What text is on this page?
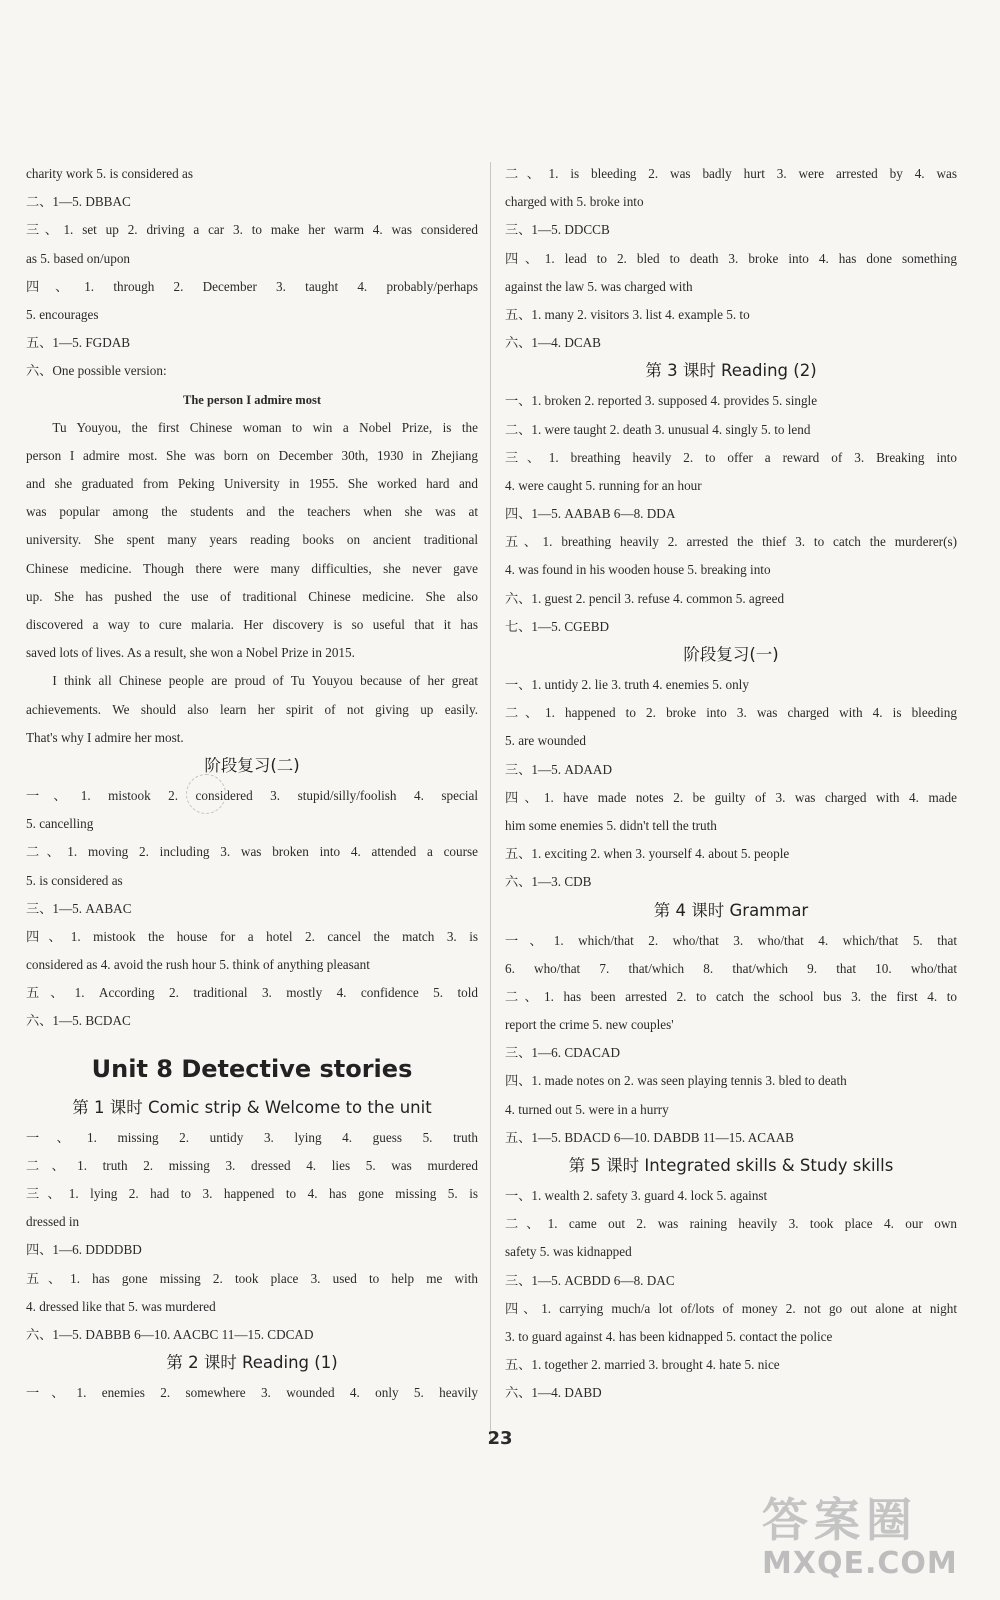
charity work 5. is considered as
二、1—5. DBBAC
三、1. set up 2. driving a car 3. to make her warm 4. was considered
as 5. based on/upon
四、1. through 2. December 3. taught 4. probably/perhaps
5. encourages
五、1—5. FGDAB
六、One possible version:
The person I admire most
Tu Youyou, the first Chinese woman to win a Nobel Prize, is the
person I admire most. She was born on December 30th, 1930 in Zhejiang
and she graduated from Peking University in 1955. She worked hard and
was popular among the students and the teachers when she was at
university. She spent many years reading books on ancient traditional
Chinese medicine. Though there were many difficulties, she never gave
up. She has pushed the use of traditional Chinese medicine. She also
discovered a way to cure malaria. Her discovery is so useful that it has
saved lots of lives. As a result, she won a Nobel Prize in 2015.
I think all Chinese people are proud of Tu Youyou because of her great
achievements. We should also learn her spirit of not giving up easily.
That's why I admire her most.
阶段复习(二)
一、1. mistook 2. considered 3. stupid/silly/foolish 4. special
5. cancelling
二、1. moving 2. including 3. was broken into 4. attended a course
5. is considered as
三、1—5. AABAC
四、1. mistook the house for a hotel 2. cancel the match 3. is
considered as 4. avoid the rush hour 5. think of anything pleasant
五、1. According 2. traditional 3. mostly 4. confidence 5. told
六、1—5. BCDAC
Unit 8 Detective stories
第 1 课时 Comic strip & Welcome to the unit
一、1. missing 2. untidy 3. lying 4. guess 5. truth
二、1. truth 2. missing 3. dressed 4. lies 5. was murdered
三、1. lying 2. had to 3. happened to 4. has gone missing 5. is
dressed in
四、1—6. DDDDBD
五、1. has gone missing 2. took place 3. used to help me with
4. dressed like that 5. was murdered
六、1—5. DABBB 6—10. AACBC 11—15. CDCAD
第 2 课时 Reading (1)
一、1. enemies 2. somewhere 3. wounded 4. only 5. heavily
二、1. is bleeding 2. was badly hurt 3. were arrested by 4. was
charged with 5. broke into
三、1—5. DDCCB
四、1. lead to 2. bled to death 3. broke into 4. has done something
against the law 5. was charged with
五、1. many 2. visitors 3. list 4. example 5. to
六、1—4. DCAB
第 3 课时 Reading (2)
一、1. broken 2. reported 3. supposed 4. provides 5. single
二、1. were taught 2. death 3. unusual 4. singly 5. to lend
三、1. breathing heavily 2. to offer a reward of 3. Breaking into
4. were caught 5. running for an hour
四、1—5. AABAB 6—8. DDA
五、1. breathing heavily 2. arrested the thief 3. to catch the murderer(s)
4. was found in his wooden house 5. breaking into
六、1. guest 2. pencil 3. refuse 4. common 5. agreed
七、1—5. CGEBD
阶段复习(一)
一、1. untidy 2. lie 3. truth 4. enemies 5. only
二、1. happened to 2. broke into 3. was charged with 4. is bleeding
5. are wounded
三、1—5. ADAAD
四、1. have made notes 2. be guilty of 3. was charged with 4. made
him some enemies 5. didn't tell the truth
五、1. exciting 2. when 3. yourself 4. about 5. people
六、1—3. CDB
第 4 课时 Grammar
一、1. which/that 2. who/that 3. who/that 4. which/that 5. that
6. who/that 7. that/which 8. that/which 9. that 10. who/that
二、1. has been arrested 2. to catch the school bus 3. the first 4. to
report the crime 5. new couples'
三、1—6. CDACAD
四、1. made notes on 2. was seen playing tennis 3. bled to death
4. turned out 5. were in a hurry
五、1—5. BDACD 6—10. DABDB 11—15. ACAAB
第 5 课时 Integrated skills & Study skills
一、1. wealth 2. safety 3. guard 4. lock 5. against
二、1. came out 2. was raining heavily 3. took place 4. our own
safety 5. was kidnapped
三、1—5. ACBDD 6—8. DAC
四、1. carrying much/a lot of/lots of money 2. not go out alone at night
3. to guard against 4. has been kidnapped 5. contact the police
五、1. together 2. married 3. brought 4. hate 5. nice
六、1—4. DABD
23
答案圈
MXQE.COM
